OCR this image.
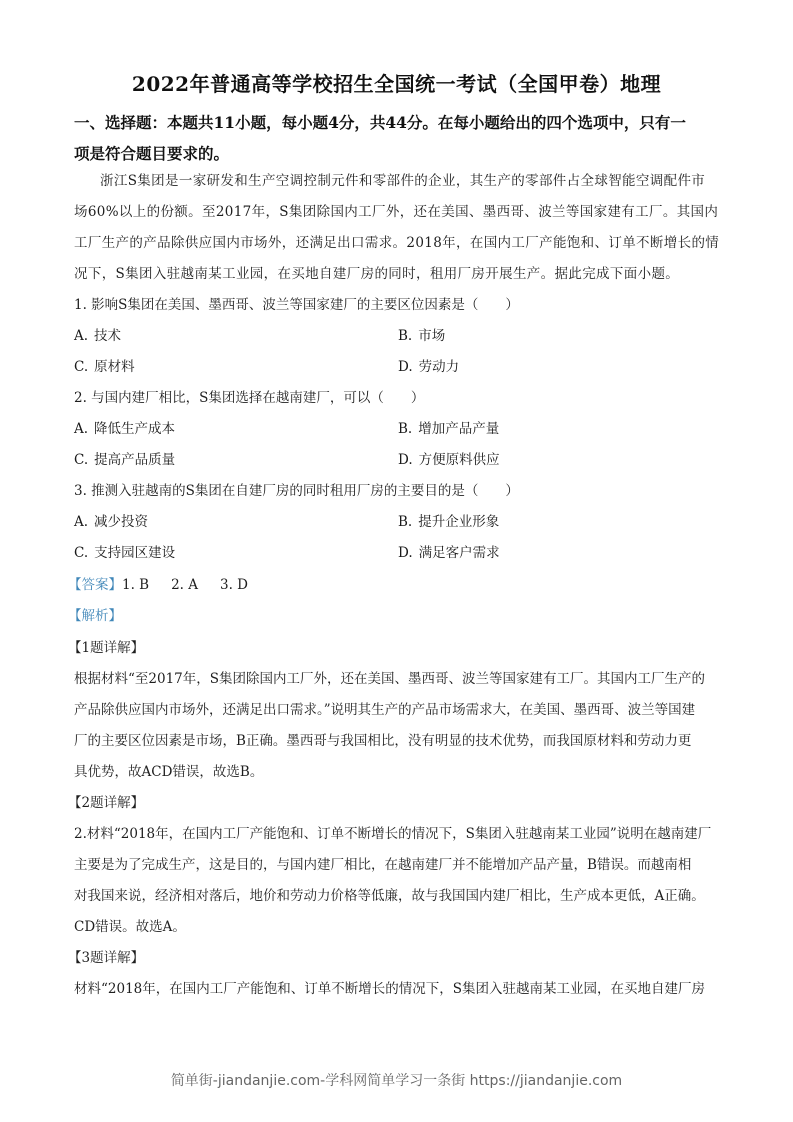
2022年普通高等学校招生全国统一考试（全国甲卷）地理
一、选择题：本题共11小题，每小题4分，共44分。在每小题给出的四个选项中，只有一
项是符合题目要求的。
浙江S集团是一家研发和生产空调控制元件和零部件的企业，其生产的零部件占全球智能空调配件市
场60%以上的份额。至2017年，S集团除国内工厂外，还在美国、墨西哥、波兰等国家建有工厂。其国内
工厂生产的产品除供应国内市场外，还满足出口需求。2018年，在国内工厂产能饱和、订单不断增长的情
况下，S集团入驻越南某工业园，在买地自建厂房的同时，租用厂房开展生产。据此完成下面小题。
1. 影响S集团在美国、墨西哥、波兰等国家建厂的主要区位因素是（　　）
A. 技术	B. 市场
C. 原材料	D. 劳动力
2. 与国内建厂相比，S集团选择在越南建厂，可以（　　）
A. 降低生产成本	B. 增加产品产量
C. 提高产品质量	D. 方便原料供应
3. 推测入驻越南的S集团在自建厂房的同时租用厂房的主要目的是（　　）
A. 减少投资	B. 提升企业形象
C. 支持园区建设	D. 满足客户需求
【答案】1. B 2. A 3. D
【解析】
【1题详解】
根据材料“至2017年，S集团除国内工厂外，还在美国、墨西哥、波兰等国家建有工厂。其国内工厂生产的
产品除供应国内市场外，还满足出口需求。”说明其生产的产品市场需求大，在美国、墨西哥、波兰等国建
厂的主要区位因素是市场，B正确。墨西哥与我国相比，没有明显的技术优势，而我国原材料和劳动力更
具优势，故ACD错误，故选B。
【2题详解】
2.材料“2018年，在国内工厂产能饱和、订单不断增长的情况下，S集团入驻越南某工业园”说明在越南建厂
主要是为了完成生产，这是目的，与国内建厂相比，在越南建厂并不能增加产品产量，B错误。而越南相
对我国来说，经济相对落后，地价和劳动力价格等低廉，故与我国国内建厂相比，生产成本更低，A正确。
CD错误。故选A。
【3题详解】
材料“2018年，在国内工厂产能饱和、订单不断增长的情况下，S集团入驻越南某工业园，在买地自建厂房
简单街-jiandanjie.com-学科网简单学习一条街 https://jiandanjie.com
